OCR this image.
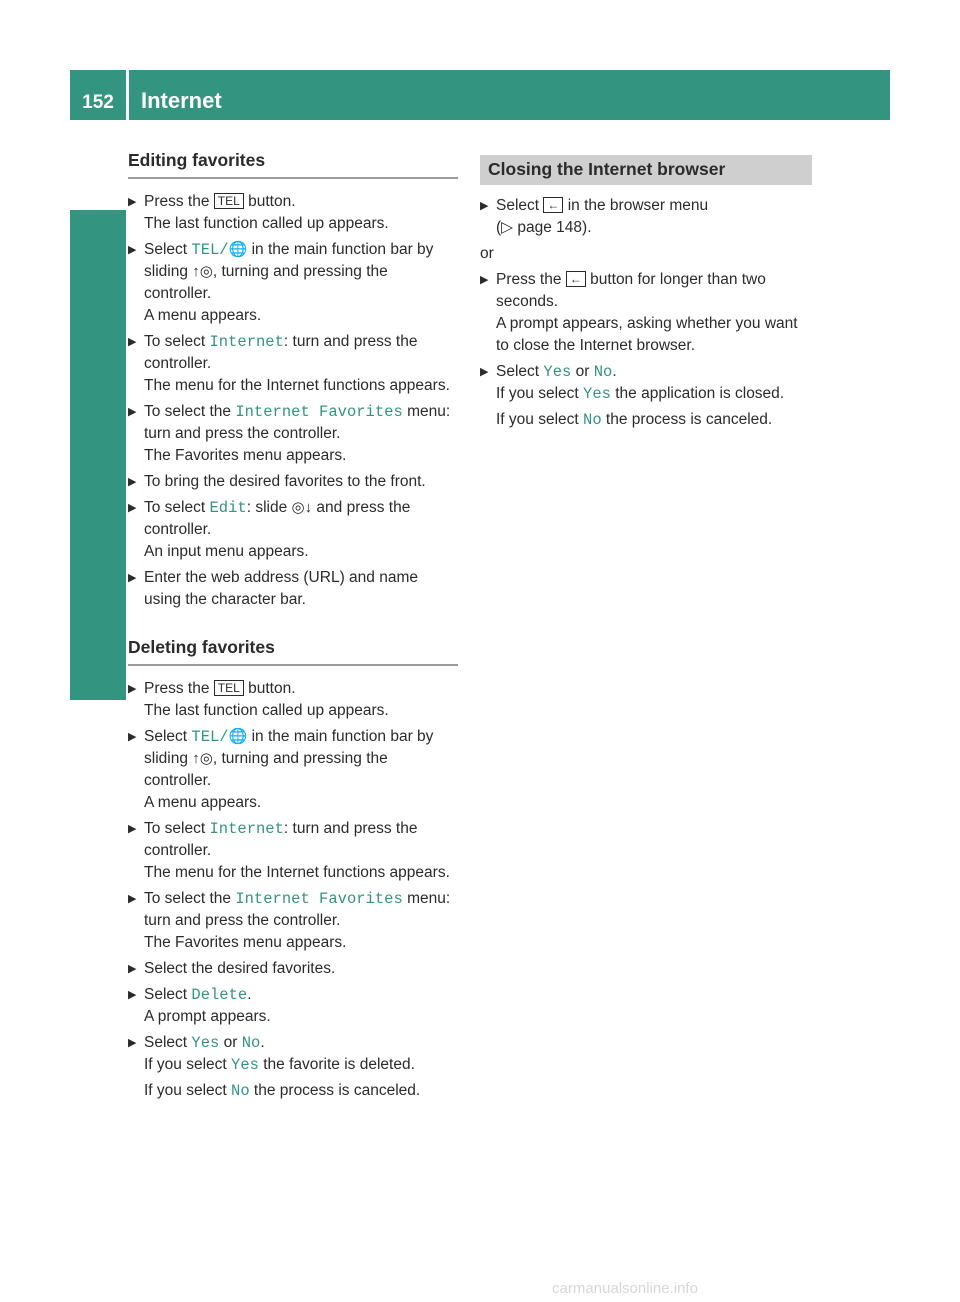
152 Internet
Online and Internet
Editing favorites
▶ Press the TEL button.

The last function called up appears.

▶ Select TEL/🌐 in the main function bar by sliding ↑◎, turning and pressing the controller.

A menu appears.

▶ To select Internet: turn and press the controller.

The menu for the Internet functions appears.

▶ To select the Internet Favorites menu: turn and press the controller.

The Favorites menu appears.

▶ To bring the desired favorites to the front.

▶ To select Edit: slide ◎↓ and press the controller.

An input menu appears.

▶ Enter the web address (URL) and name using the character bar.

Deleting favorites
▶ Press the TEL button.

The last function called up appears.

▶ Select TEL/🌐 in the main function bar by sliding ↑◎, turning and pressing the controller.

A menu appears.

▶ To select Internet: turn and press the controller.

The menu for the Internet functions appears.

▶ To select the Internet Favorites menu: turn and press the controller.

The Favorites menu appears.

▶ Select the desired favorites.

▶ Select Delete.

A prompt appears.

▶ Select Yes or No.

If you select Yes the favorite is deleted.

If you select No the process is canceled.

Closing the Internet browser
▶ Select ← in the browser menu

(▷ page 148).

or

▶ Press the ← button for longer than two seconds.

A prompt appears, asking whether you want to close the Internet browser.

▶ Select Yes or No.

If you select Yes the application is closed.

If you select No the process is canceled.

carmanualsonline.info
